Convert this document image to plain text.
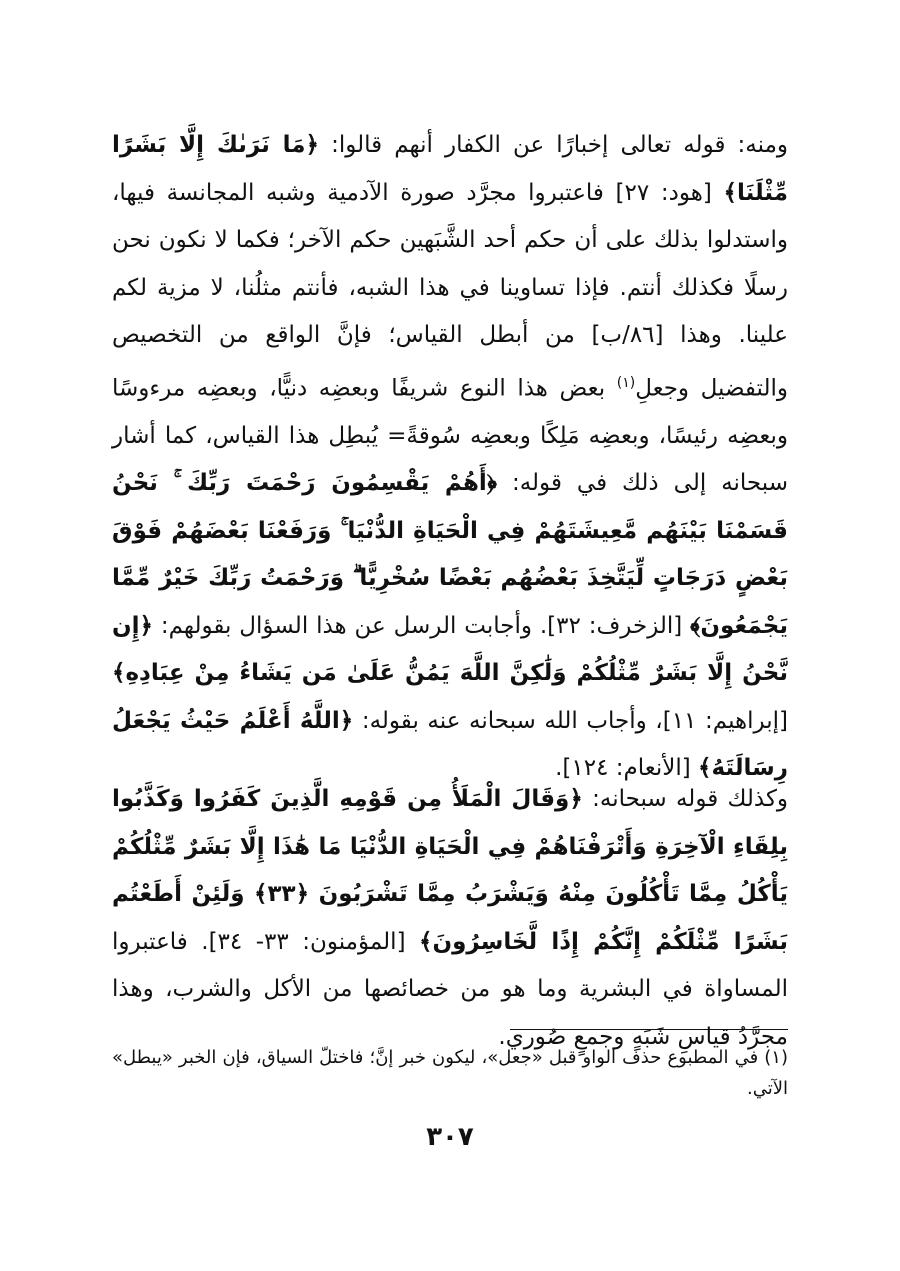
ومنه: قوله تعالى إخبارًا عن الكفار أنهم قالوا: ﴿مَا نَرَىٰكَ إِلَّا بَشَرًا مِّثْلَنَا﴾ [هود: ٢٧] فاعتبروا مجرَّد صورة الآدمية وشبه المجانسة فيها، واستدلوا بذلك على أن حكم أحد الشَّبَهين حكم الآخر؛ فكما لا نكون نحن رسلًا فكذلك أنتم. فإذا تساوينا في هذا الشبه، فأنتم مثلُنا، لا مزية لكم علينا. وهذا [٨٦/ب] من أبطل القياس؛ فإنَّ الواقع من التخصيص والتفضيل وجعلِ$^{(١)}$ بعض هذا النوع شريفًا وبعضِه دنيًّا، وبعضِه مرءوسًا وبعضِه رئيسًا، وبعضِه مَلِكًا وبعضِه سُوقةً= يُبطِل هذا القياس، كما أشار سبحانه إلى ذلك في قوله: ﴿أَهُمْ يَقْسِمُونَ رَحْمَتَ رَبِّكَ ۚ نَحْنُ قَسَمْنَا بَيْنَهُم مَّعِيشَتَهُمْ فِي الْحَيَاةِ الدُّنْيَا ۚ وَرَفَعْنَا بَعْضَهُمْ فَوْقَ بَعْضٍ دَرَجَاتٍ لِّيَتَّخِذَ بَعْضُهُم بَعْضًا سُخْرِيًّا ۗ وَرَحْمَتُ رَبِّكَ خَيْرٌ مِّمَّا يَجْمَعُونَ﴾ [الزخرف: ٣٢]. وأجابت الرسل عن هذا السؤال بقولهم: ﴿إِن نَّحْنُ إِلَّا بَشَرٌ مِّثْلُكُمْ وَلَٰكِنَّ اللَّهَ يَمُنُّ عَلَىٰ مَن يَشَاءُ مِنْ عِبَادِهِ﴾ [إبراهيم: ١١]، وأجاب الله سبحانه عنه بقوله: ﴿اللَّهُ أَعْلَمُ حَيْثُ يَجْعَلُ رِسَالَتَهُ﴾ [الأنعام: ١٢٤].

وكذلك قوله سبحانه: ﴿وَقَالَ الْمَلَأُ مِن قَوْمِهِ الَّذِينَ كَفَرُوا وَكَذَّبُوا بِلِقَاءِ الْآخِرَةِ وَأَتْرَفْنَاهُمْ فِي الْحَيَاةِ الدُّنْيَا مَا هَٰذَا إِلَّا بَشَرٌ مِّثْلُكُمْ يَأْكُلُ مِمَّا تَأْكُلُونَ مِنْهُ وَيَشْرَبُ مِمَّا تَشْرَبُونَ ﴿٣٣﴾ وَلَئِنْ أَطَعْتُم بَشَرًا مِّثْلَكُمْ إِنَّكُمْ إِذًا لَّخَاسِرُونَ﴾ [المؤمنون: ٣٣- ٣٤]. فاعتبروا المساواة في البشرية وما هو من خصائصها من الأكل والشرب، وهذا مجرَّدُ قياسِ شَبَهٍ وجمعٍ صُوري.

(١) في المطبوع حذف الواو قبل «جعل»، ليكون خبر إنَّ؛ فاختلّ السياق، فإن الخبر «يبطل» الآتي.

٣٠٧
